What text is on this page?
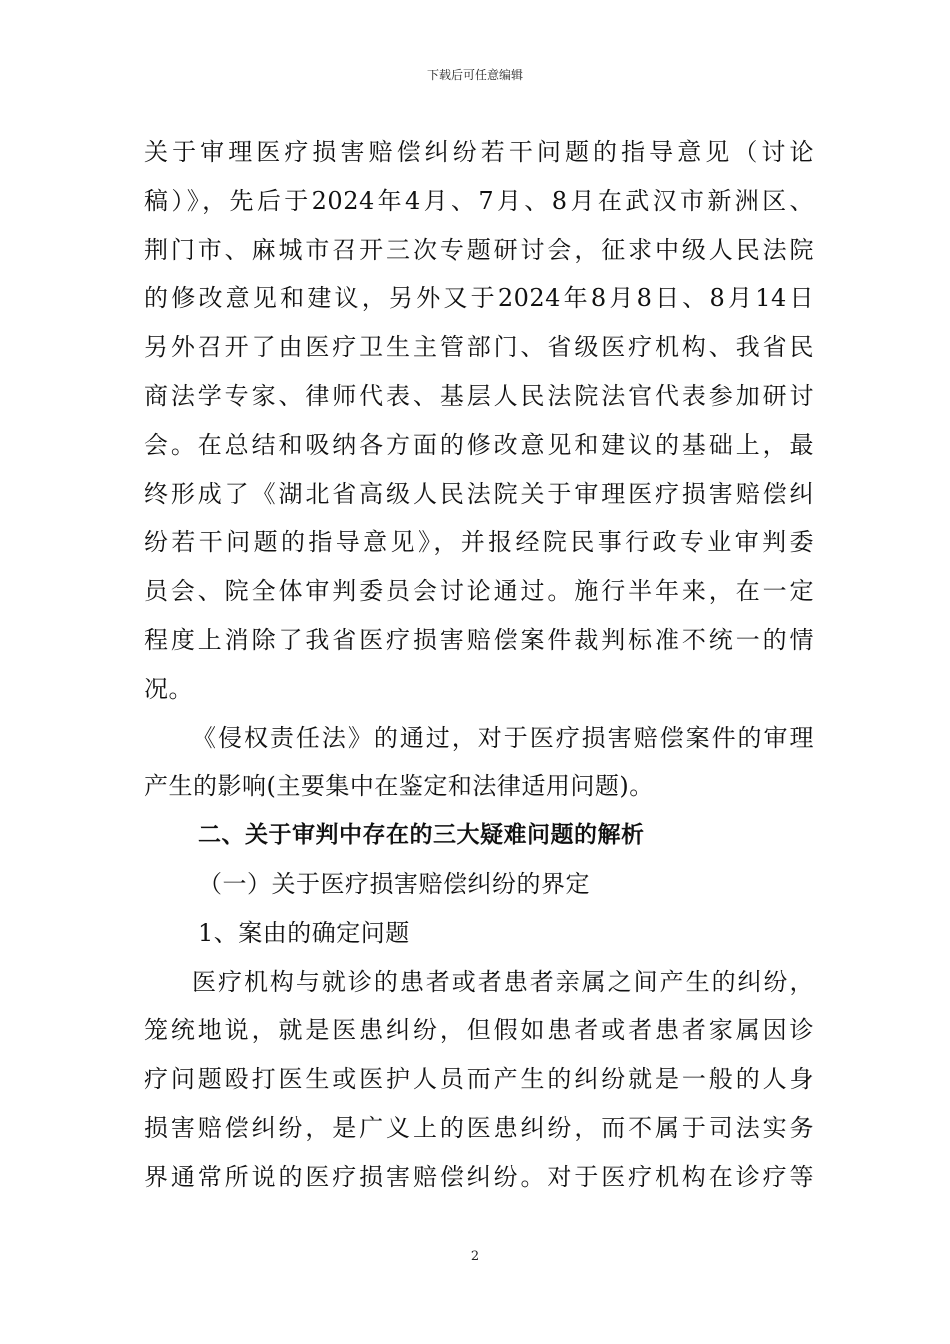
下载后可任意编辑
关于审理医疗损害赔偿纠纷若干问题的指导意见（讨论
稿）》，先后于2024年4月、7月、8月在武汉市新洲区、
荆门市、麻城市召开三次专题研讨会，征求中级人民法院
的修改意见和建议，另外又于2024年8月8日、8月14日
另外召开了由医疗卫生主管部门、省级医疗机构、我省民
商法学专家、律师代表、基层人民法院法官代表参加研讨
会。在总结和吸纳各方面的修改意见和建议的基础上，最
终形成了《湖北省高级人民法院关于审理医疗损害赔偿纠
纷若干问题的指导意见》，并报经院民事行政专业审判委
员会、院全体审判委员会讨论通过。施行半年来，在一定
程度上消除了我省医疗损害赔偿案件裁判标准不统一的情
况。
《侵权责任法》的通过，对于医疗损害赔偿案件的审理
产生的影响(主要集中在鉴定和法律适用问题)。
二、关于审判中存在的三大疑难问题的解析
（一）关于医疗损害赔偿纠纷的界定
1、案由的确定问题
医疗机构与就诊的患者或者患者亲属之间产生的纠纷，
笼统地说，就是医患纠纷，但假如患者或者患者家属因诊
疗问题殴打医生或医护人员而产生的纠纷就是一般的人身
损害赔偿纠纷，是广义上的医患纠纷，而不属于司法实务
界通常所说的医疗损害赔偿纠纷。对于医疗机构在诊疗等
2
